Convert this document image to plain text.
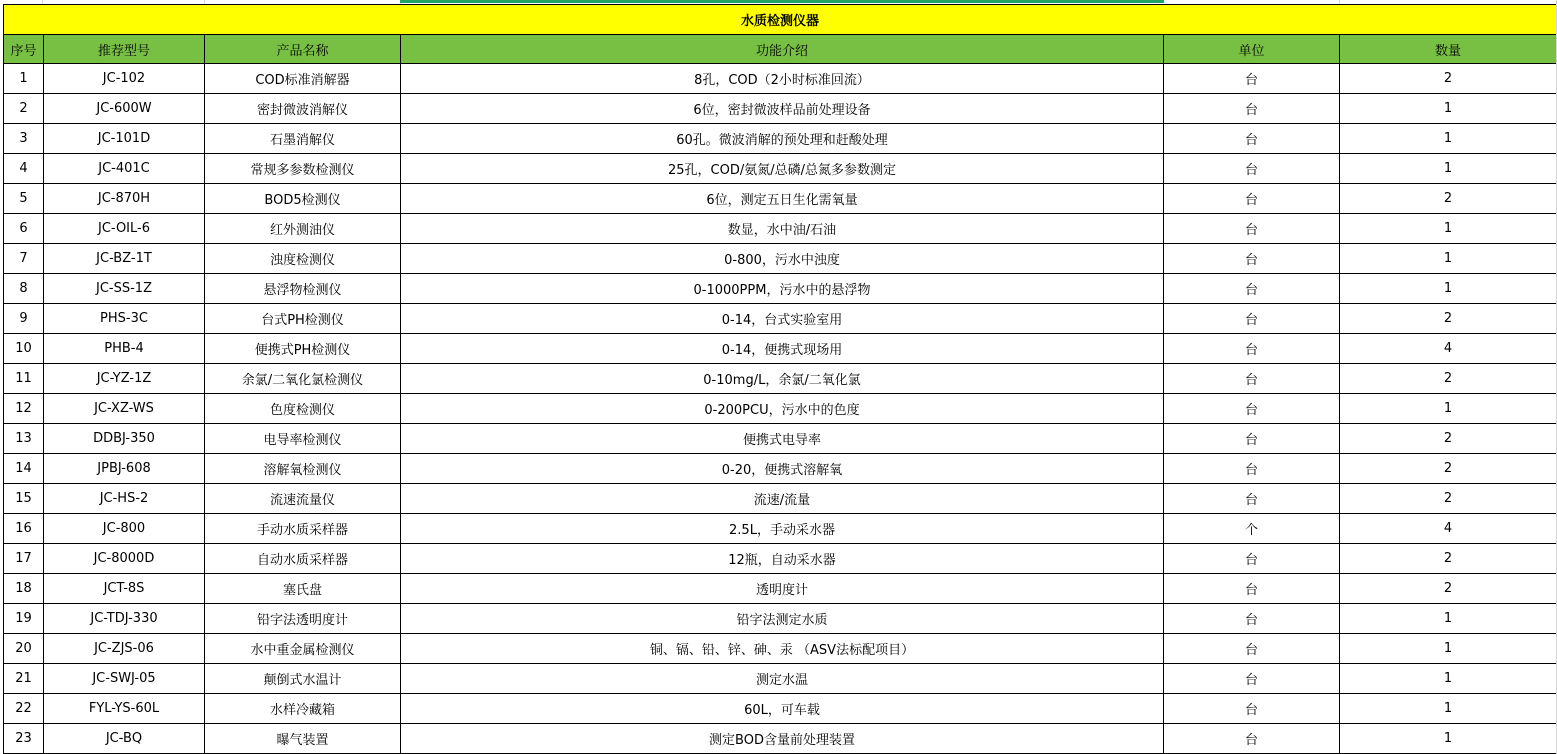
水质检测仪器					
序号	推荐型号	产品名称	功能介绍	单位	数量
1	JC-102	COD标准消解器	8孔，COD（2小时标准回流）	台	2
2	JC-600W	密封微波消解仪	6位，密封微波样品前处理设备	台	1
3	JC-101D	石墨消解仪	60孔。微波消解的预处理和赶酸处理	台	1
4	JC-401C	常规多参数检测仪	25孔，COD/氨氮/总磷/总氮多参数测定	台	1
5	JC-870H	BOD5检测仪	6位，测定五日生化需氧量	台	2
6	JC-OIL-6	红外测油仪	数显，水中油/石油	台	1
7	JC-BZ-1T	浊度检测仪	0-800，污水中浊度	台	1
8	JC-SS-1Z	悬浮物检测仪	0-1000PPM，污水中的悬浮物	台	1
9	PHS-3C	台式PH检测仪	0-14，台式实验室用	台	2
10	PHB-4	便携式PH检测仪	0-14，便携式现场用	台	4
11	JC-YZ-1Z	余氯/二氧化氯检测仪	0-10mg/L，余氯/二氧化氯	台	2
12	JC-XZ-WS	色度检测仪	0-200PCU，污水中的色度	台	1
13	DDBJ-350	电导率检测仪	便携式电导率	台	2
14	JPBJ-608	溶解氧检测仪	0-20，便携式溶解氧	台	2
15	JC-HS-2	流速流量仪	流速/流量	台	2
16	JC-800	手动水质采样器	2.5L，手动采水器	个	4
17	JC-8000D	自动水质采样器	12瓶，自动采水器	台	2
18	JCT-8S	塞氏盘	透明度计	台	2
19	JC-TDJ-330	铅字法透明度计	铅字法测定水质	台	1
20	JC-ZJS-06	水中重金属检测仪	铜、镉、铅、锌、砷、汞 （ASV法标配项目）	台	1
21	JC-SWJ-05	颠倒式水温计	测定水温	台	1
22	FYL-YS-60L	水样冷藏箱	60L，可车载	台	1
23	JC-BQ	曝气装置	测定BOD含量前处理装置	台	1
